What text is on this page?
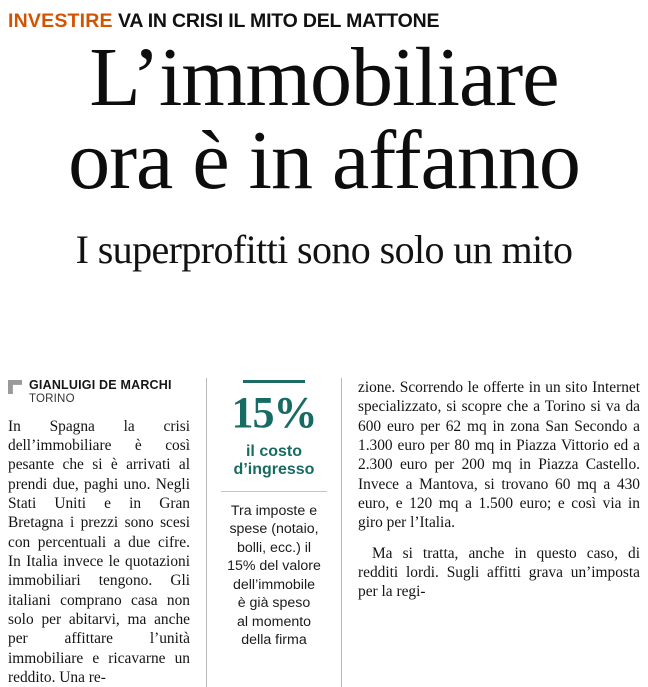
INVESTIRE VA IN CRISI IL MITO DEL MATTONE
L’immobiliare
ora è in affanno
I superprofitti sono solo un mito
GIANLUIGI DE MARCHI
TORINO

In Spagna la crisi dell’immobiliare è così pesante che si è arrivati al prendi due, paghi uno. Negli Stati Uniti e in Gran Bretagna i prezzi sono scesi con percentuali a due cifre. In Italia invece le quotazioni immobiliari tengono. Gli italiani comprano casa non solo per abitarvi, ma anche per affittare l’unità immobiliare e ricavarne un reddito. Una re-

15%
il costo
d’ingresso
Tra imposte e
spese (notaio,
bolli, ecc.) il
15% del valore
dell’immobile
è già speso
al momento
della firma

zione. Scorrendo le offerte in un sito Internet specializzato, si scopre che a Torino si va da 600 euro per 62 mq in zona San Secondo a 1.300 euro per 80 mq in Piazza Vittorio ed a 2.300 euro per 200 mq in Piazza Castello. Invece a Mantova, si trovano 60 mq a 430 euro, e 120 mq a 1.500 euro; e così via in giro per l’Italia.

Ma si tratta, anche in questo caso, di redditi lordi. Sugli affitti grava un’imposta per la regi-
